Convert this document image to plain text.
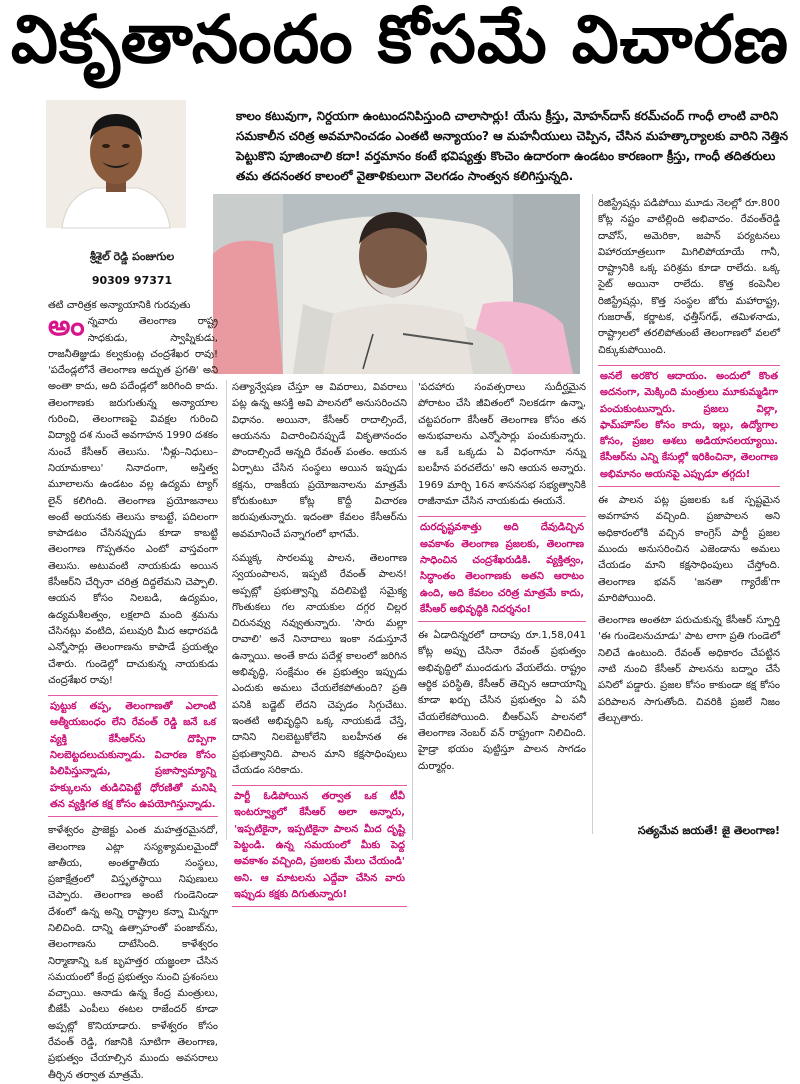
వికృతానందం కోసమే విచారణ
శ్రీశైల్ రెడ్డి పంజుగుల
90309 97371
కాలం కటువుగా, నిర్దయగా ఉంటుందనిపిస్తుంది చాలాసార్లు! యేసు క్రీస్తు, మోహన్‌దాస్ కరమ్‌చంద్ గాంధీ లాంటి వారిని సమకాలీన చరిత్ర అవమానించడం ఎంతటి అన్యాయం? ఆ మహనీయులు చెప్పిన, చేసిన మహత్కార్యాలకు వారిని నెత్తిన పెట్టుకొని పూజించాలి కదా! వర్తమానం కంటే భవిష్యత్తు కొంచెం ఉదారంగా ఉండటం కారణంగా క్రీస్తు, గాంధీ తదితరులు తమ తదనంతర కాలంలో వైతాళికులుగా వెలగడం సాంత్వన కలిగిస్తున్నది.

తటి చారిత్రక అన్యాయానికి గురవుతు

అంన్నవారు తెలంగాణ రాష్ట్ర సాధకుడు, స్వాప్నికుడు, రాజనీతిజ్ఞుడు కల్వకుంట్ల చంద్రశేఖర రావు! 'పదేండ్లలోనే తెలంగాణ అద్భుత ప్రగతి' అని అంతా కాదు, అది పదేండ్లలో జరిగింది కాదు. తెలంగాణకు జరుగుతున్న అన్యాయాల గురించి, తెలంగాణపై వివక్షల గురించి విద్యార్థి దశ నుంచే అవగాహన 1990 దశకం నుంచే కేసీఆర్ తెలుసు. 'నీళ్లు–నిధులు–నియామకాలు' నినాదంగా, అస్తిత్వ మూలాలను ఉండటం వల్ల ఉద్యమ ట్యాగ్ లైన్ కలిగింది. తెలంగాణ ప్రయోజనాలు అంటే అయనకు తెలుసు కాబట్టే, పదిలంగా కాపాడటం చేసినప్పుడు కూడా కాబట్టి తెలంగాణ గొప్పతనం ఎంటో వాస్తవంగా తెలుసు. అటువంటి నాయకుడు అయిన కేసీఆర్‌ని చేర్చినా చరిత్ర దిద్దలేమని చెప్పాలి. ఆయన కోసం నిలబడి, ఉద్యమం, ఉద్యమశీలత్వం, లక్షలాది మంది శ్రమను చేసినట్లు వంటిది, పలువురి మీద ఆధారపడి ఎన్నోసార్లు తెలంగాణను కాపాడే ప్రయత్నం చేశారు. గుండెల్లో దాచుకున్న నాయకుడు చంద్రశేఖర రావు!

పుట్టుక తప్ప, తెలంగాణతో ఎలాంటి ఆత్మీయబంధం లేని రేవంత్ రెడ్డి జనే ఒక వ్యక్తి కేసీఆర్‌ను దొప్పిగా నిలబెట్టదలుచుకున్నాడు. విచారణ కోసం పిలిపిస్తున్నాడు, ప్రజాస్వామ్యాన్ని హక్కులను తుడిచిపెట్టే ధోరణితో మనిషి తన వ్యక్తిగత కక్ష కోసం ఉపయోగిస్తున్నాడు.

కాళేశ్వరం ప్రాజెక్టు ఎంత మహత్తరమైనదో, తెలంగాణ ఎట్లా సస్యశ్యామలమైందో జాతీయ, అంతర్జాతీయ సంస్థలు, ప్రజాక్షేత్రంలో విస్తృతస్థాయి నిపుణులు చెప్పారు. తెలంగాణ అంటే గుండెనిండా దేశంలో ఉన్న అన్ని రాష్ట్రాల కన్నా మిన్నగా నిలిచింది. దాన్ని ఉత్సాహంతో పంజాబ్‌ను, తెలంగాణను దాటేసింది. కాళేశ్వరం నిర్మాణాన్ని ఒక బృహత్తర యజ్ఞంలా చేసిన సమయంలో కేంద్ర ప్రభుత్వం నుంచి ప్రశంసలు వచ్చాయి. ఆనాడు ఉన్న కేంద్ర మంత్రులు, బీజేపీ ఎంపీలు ఈటల రాజేందర్ కూడా అప్పట్లో కొనియాడారు. కాళేశ్వరం కోసం రేవంత్ రెడ్డి, గజానికి సూటిగా తెలంగాణ, ప్రభుత్వం చేయాల్సిన ముందు అవసరాలు తీర్చిన తర్వాత మాత్రమే.

సత్యాన్వేషణ చేస్తూ ఆ వివరాలు, వివరాలు పట్ల ఉన్న ఆసక్తి అవి పాలనలో అనుసరించని విధానం. అయినా, కేసీఆర్ రాదాల్సిందే, ఆయనను విచారించినప్పుడే వికృతానందం పొందాల్సిందే అన్నది రేవంత్ పంతం. ఆయన ఏర్పాటు చేసిన సంస్థలు అయిన ఇప్పుడు కక్షను, రాజకీయ ప్రయోజనాలను మాత్రమే కోరుకుంటూ కోట్ల కొద్దీ విచారణ జరుపుతున్నారు. ఇదంతా కేవలం కేసీఆర్‌ను అవమానించే పన్నాగంలో భాగమే.

సమ్మక్క సారలమ్మ పాలన, తెలంగాణ స్వయంపాలన, ఇప్పటి రేవంత్ పాలన! అప్పట్లో ప్రభుత్వాన్ని వదిలిపెట్టి సమైక్య గొంతుకలు గల నాయకుల దగ్గర చిల్లర చిరునవ్వు నవ్వుతున్నారు. 'సారు మల్లా రావాలి' అనే నినాదాలు ఇంకా నడుస్తూనే ఉన్నాయి. అంతే కాదు పదేళ్ల కాలంలో జరిగిన అభివృద్ధి, సంక్షేమం ఈ ప్రభుత్వం ఇప్పుడు ఎందుకు అమలు చేయలేకపోతుంది? ప్రతి పనికి బడ్జెట్ లేదని చెప్పడం సిగ్గుచేటు. ఇంతటి అభివృద్ధిని ఒక్క నాయకుడే చేస్తే, దానిని నిలబెట్టుకోలేని బలహీనత ఈ ప్రభుత్వానిది. పాలన మాని కక్షసాధింపులు చేయడం సరికాదు.

పార్టీ ఓడిపోయిన తర్వాత ఒక టీవీ ఇంటర్వ్యూలో కేసీఆర్ అలా అన్నారు, 'ఇప్పటికైనా, ఇప్పటికైనా పాలన మీద దృష్టి పెట్టండి. ఉన్న సమయంలో మీకు పెద్ద అవకాశం వచ్చింది, ప్రజలకు మేలు చేయండి' అని. ఆ మాటలను ఎద్దేవా చేసిన వారు ఇప్పుడు కక్షకు దిగుతున్నారు!

'పదహారు సంవత్సరాలు సుదీర్ఘమైన పోరాటం చేసి జీవితంలో నిలకడగా ఉన్నా, చట్టపరంగా కేసీఆర్ తెలంగాణ కోసం తన అనుభవాలను ఎన్నోసార్లు పంచుకున్నారు. ఆ ఒకే ఒక్కడు ఏ విధంగానూ నన్ను బలహీన పరచలేదు' అని ఆయన అన్నారు. 1969 మార్చి 16న శాసనసభ సభ్యత్వానికి రాజీనామా చేసిన నాయకుడు ఈయనే.

దురదృష్టవశాత్తు అది దేవుడిచ్చిన అవకాశం తెలంగాణ ప్రజలకు, తెలంగాణ సాధించిన చంద్రశేఖరుడికి. వ్యక్తిత్వం, సిద్ధాంతం తెలంగాణకు అతని ఆరాటం ఉంది, అది కేవలం చరిత్ర మాత్రమే కాదు, కేసీఆర్ అభివృద్ధికి నిదర్శనం!

ఈ ఏడాదిన్నరలో దాదాపు రూ.1,58,041 కోట్ల అప్పు చేసినా రేవంత్ ప్రభుత్వం అభివృద్ధిలో ముందడుగు వేయలేదు. రాష్ట్రం ఆర్థిక పరిస్థితి, కేసీఆర్ తెచ్చిన ఆదాయాన్ని కూడా ఖర్చు చేసిన ప్రభుత్వం ఏ పనీ చేయలేకపోయింది. బీఆర్ఎస్ పాలనలో తెలంగాణ నెంబర్ వన్ రాష్ట్రంగా నిలిచింది. హైడ్రా భయం పుట్టిస్తూ పాలన సాగడం దుర్మార్గం.

రిజిస్ట్రేషన్లు పడిపోయి మూడు నెలల్లో రూ.800 కోట్ల నష్టం వాటిల్లింది అభివాదం. రేవంత్‌రెడ్డి దావోస్, అమెరికా, జపాన్ పర్యటనలు విహారయాత్రలుగా మిగిలిపోయాయే గానీ, రాష్ట్రానికి ఒక్క పరిశ్రమ కూడా రాలేదు. ఒక్క సైట్ అయినా రాలేదు. కొత్త కంపెనీల రిజిస్ట్రేషన్లు, కొత్త సంస్థల జోరు మహారాష్ట్ర, గుజరాత్, కర్ణాటక, ఛత్తీస్‌గఢ్, తమిళనాడు, రాష్ట్రాలలో తరలిపోతుంటే తెలంగాణలో వలలో చిక్కుకుపోయింది.

అనలే అరకొర ఆదాయం. అందులో కొంత అదనంగా, మెక్కింది మంత్రులు మూకుమ్మడిగా పంచుకుంటున్నారు. ప్రజలు విల్లా, ఫామ్‌హౌస్‌ల కోసం కాదు, ఇల్లు, ఉద్యోగాల కోసం, ప్రజల ఆశలు అడియాసలయ్యాయి. కేసీఆర్‌ను ఎన్ని కేసుల్లో ఇరికించినా, తెలంగాణ అభిమానం అయనపై ఎప్పుడూ తగ్గదు!

ఈ పాలన పట్ల ప్రజలకు ఒక స్పష్టమైన అవగాహన వచ్చింది. ప్రజాపాలన అని అధికారంలోకి వచ్చిన కాంగ్రెస్ పార్టీ ప్రజల ముందు అనుసరించిన ఎజెండాను అమలు చేయడం మాని కక్షసాధింపులు చేస్తోంది. తెలంగాణ భవన్ 'జనతా గ్యారేజ్'గా మారిపోయింది.

తెలంగాణ అంతటా పరుచుకున్న కేసీఆర్ స్ఫూర్తి 'ఈ గుండెలనుచూడు' పాట లాగా ప్రతి గుండెలో నిలిచే ఉంటుంది. రేవంత్ అధికారం చేపట్టిన నాటి నుంచి కేసీఆర్ పాలనను బద్నాం చేసే పనిలో పడ్డారు. ప్రజల కోసం కాకుండా కక్ష కోసం పరిపాలన సాగుతోంది. చివరికి ప్రజలే నిజం తేల్చుతారు.

సత్యమేవ జయతే! జై తెలంగాణ!
